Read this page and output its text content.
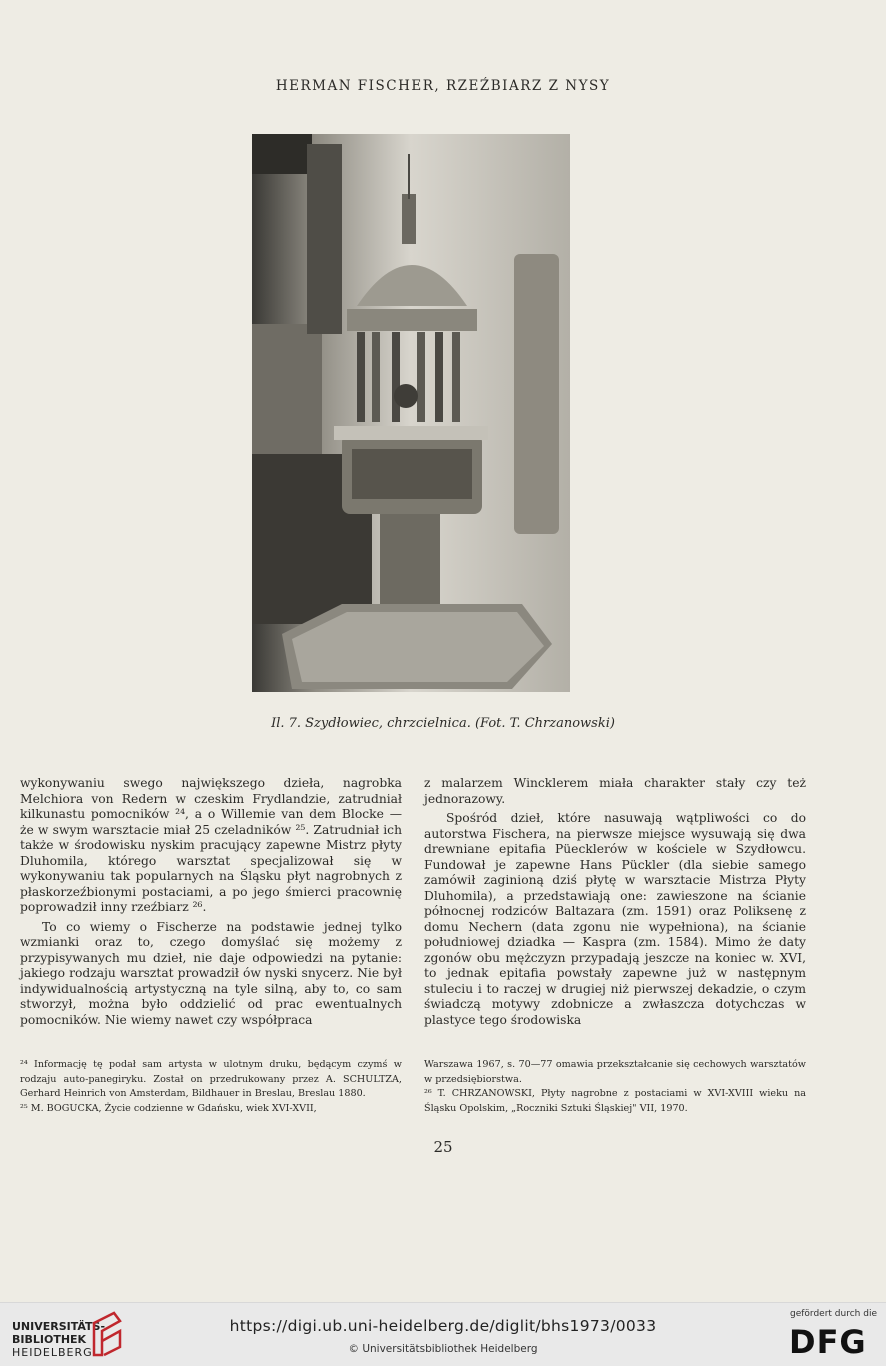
HERMAN FISCHER, RZEŹBIARZ Z NYSY
Il. 7. Szydłowiec, chrzcielnica. (Fot. T. Chrzanowski)

wykonywaniu swego największego dzieła, nagrobka Melchiora von Redern w czeskim Frydlandzie, zatrudniał kilkunastu pomocników ²⁴, a o Willemie van dem Blocke — że w swym warsztacie miał 25 czeladników ²⁵. Zatrudniał ich także w środowisku nyskim pracujący zapewne Mistrz płyty Dluhomila, którego warsztat specjalizował się w wykonywaniu tak popularnych na Śląsku płyt nagrobnych z płaskorzeźbionymi postaciami, a po jego śmierci pracownię poprowadził inny rzeźbiarz ²⁶.

To co wiemy o Fischerze na podstawie jednej tylko wzmianki oraz to, czego domyślać się możemy z przypisywanych mu dzieł, nie daje odpowiedzi na pytanie: jakiego rodzaju warsztat prowadził ów nyski snycerz. Nie był indywidualnością artystyczną na tyle silną, aby to, co sam stworzył, można było oddzielić od prac ewentualnych pomocników. Nie wiemy nawet czy współpraca

z malarzem Wincklerem miała charakter stały czy też jednorazowy.

Spośród dzieł, które nasuwają wątpliwości co do autorstwa Fischera, na pierwsze miejsce wysuwają się dwa drewniane epitafia Püecklerów w kościele w Szydłowcu. Fundował je zapewne Hans Pückler (dla siebie samego zamówił zaginioną dziś płytę w warsztacie Mistrza Płyty Dluhomila), a przedstawiają one: zawieszone na ścianie północnej rodziców Baltazara (zm. 1591) oraz Poliksenę z domu Nechern (data zgonu nie wypełniona), na ścianie południowej dziadka — Kaspra (zm. 1584). Mimo że daty zgonów obu mężczyzn przypadają jeszcze na koniec w. XVI, to jednak epitafia powstały zapewne już w następnym stuleciu i to raczej w drugiej niż pierwszej dekadzie, o czym świadczą motywy zdobnicze a zwłaszcza dotychczas w plastyce tego środowiska

²⁴ Informację tę podał sam artysta w ulotnym druku, będącym czymś w rodzaju auto-panegiryku. Został on przedrukowany przez A. SCHULTZA, Gerhard Heinrich von Amsterdam, Bildhauer in Breslau, Breslau 1880.

²⁵ M. BOGUCKA, Życie codzienne w Gdańsku, wiek XVI-XVII,

Warszawa 1967, s. 70—77 omawia przekształcanie się cechowych warsztatów w przedsiębiorstwa.

²⁶ T. CHRZANOWSKI, Płyty nagrobne z postaciami w XVI-XVIII wieku na Śląsku Opolskim, „Roczniki Sztuki Śląskiej" VII, 1970.

25
UNIVERSITÄTS-
BIBLIOTHEK
HEIDELBERG
https://digi.ub.uni-heidelberg.de/diglit/bhs1973/0033
© Universitätsbibliothek Heidelberg
gefördert durch die
DFG
